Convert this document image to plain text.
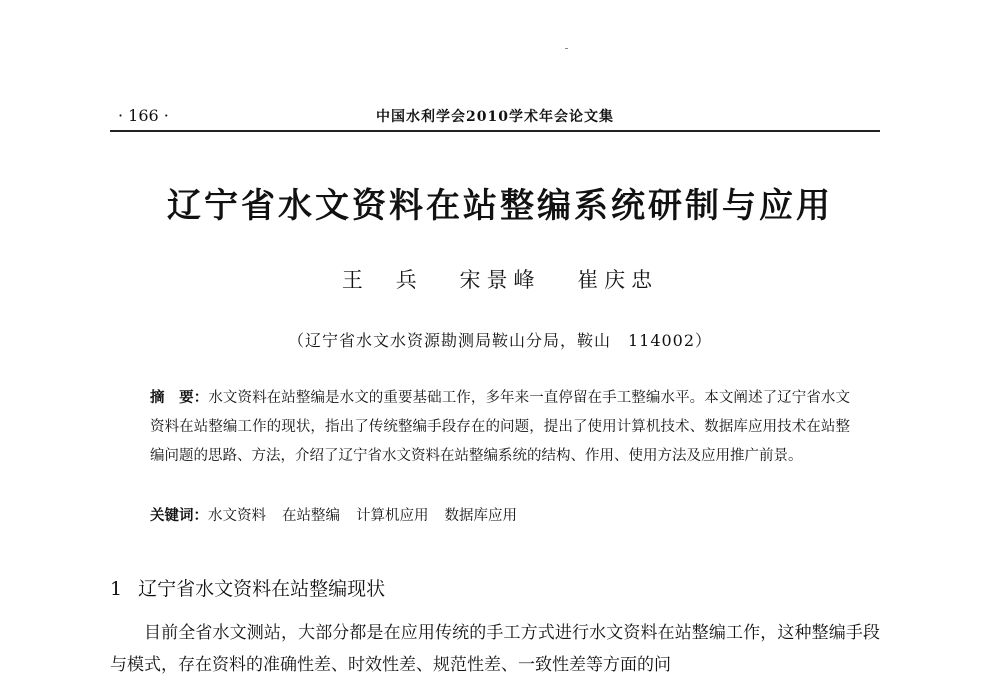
· 166 ·	中国水利学会2010学术年会论文集
辽宁省水文资料在站整编系统研制与应用
王　兵 宋景峰 崔庆忠
（辽宁省水文水资源勘测局鞍山分局，鞍山　114002）

摘　要：水文资料在站整编是水文的重要基础工作，多年来一直停留在手工整编水平。本文阐述了辽宁省水文资料在站整编工作的现状，指出了传统整编手段存在的问题，提出了使用计算机技术、数据库应用技术在站整编问题的思路、方法，介绍了辽宁省水文资料在站整编系统的结构、作用、使用方法及应用推广前景。

关键词：水文资料 在站整编 计算机应用 数据库应用
1 辽宁省水文资料在站整编现状

目前全省水文测站，大部分都是在应用传统的手工方式进行水文资料在站整编工作，这种整编手段与模式，存在资料的准确性差、时效性差、规范性差、一致性差等方面的问
